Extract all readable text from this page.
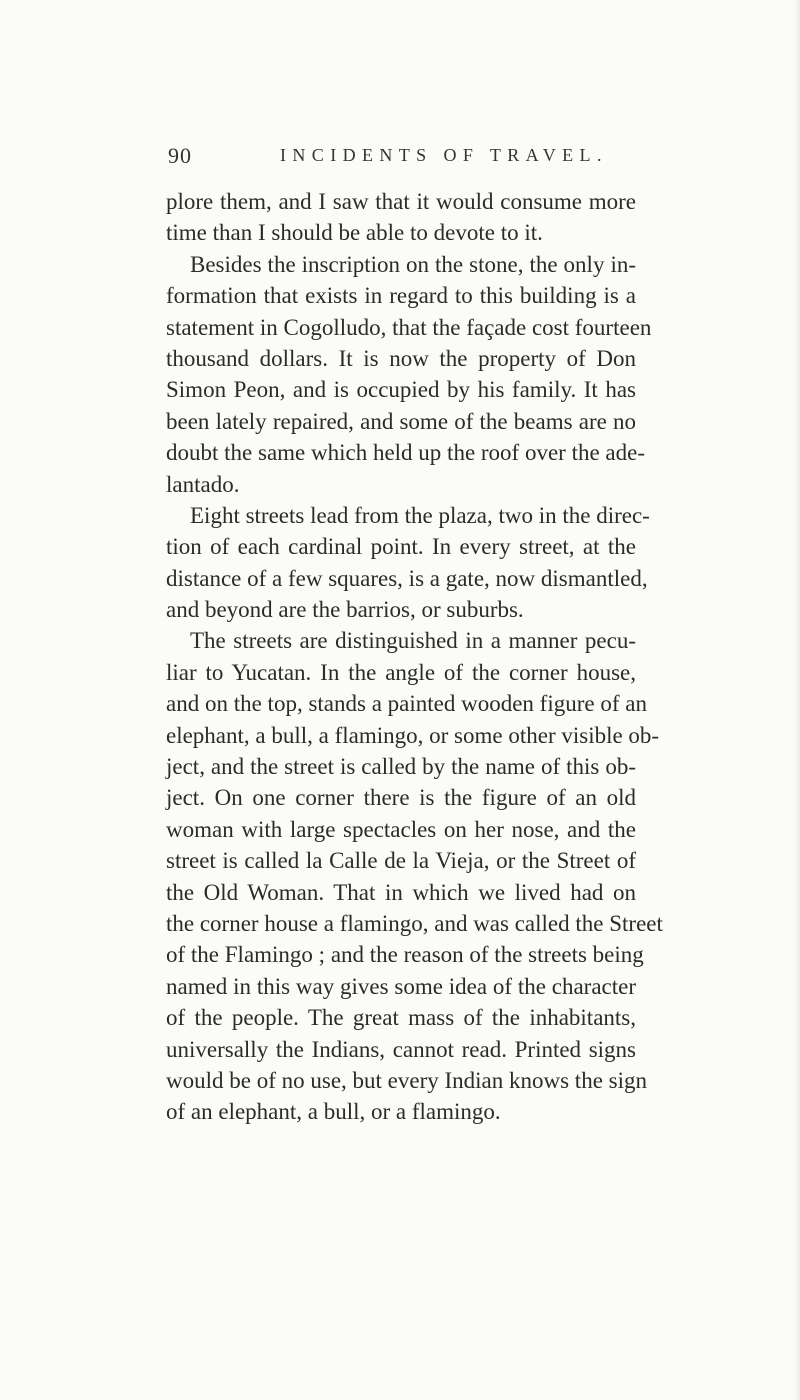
90	INCIDENTS OF TRAVEL.
plore them, and I saw that it would consume more
time than I should be able to devote to it.
Besides the inscription on the stone, the only in-
formation that exists in regard to this building is a
statement in Cogolludo, that the façade cost fourteen
thousand dollars. It is now the property of Don
Simon Peon, and is occupied by his family. It has
been lately repaired, and some of the beams are no
doubt the same which held up the roof over the ade-
lantado.
Eight streets lead from the plaza, two in the direc-
tion of each cardinal point. In every street, at the
distance of a few squares, is a gate, now dismantled,
and beyond are the barrios, or suburbs.
The streets are distinguished in a manner pecu-
liar to Yucatan. In the angle of the corner house,
and on the top, stands a painted wooden figure of an
elephant, a bull, a flamingo, or some other visible ob-
ject, and the street is called by the name of this ob-
ject. On one corner there is the figure of an old
woman with large spectacles on her nose, and the
street is called la Calle de la Vieja, or the Street of
the Old Woman. That in which we lived had on
the corner house a flamingo, and was called the Street
of the Flamingo ; and the reason of the streets being
named in this way gives some idea of the character
of the people. The great mass of the inhabitants,
universally the Indians, cannot read. Printed signs
would be of no use, but every Indian knows the sign
of an elephant, a bull, or a flamingo.
